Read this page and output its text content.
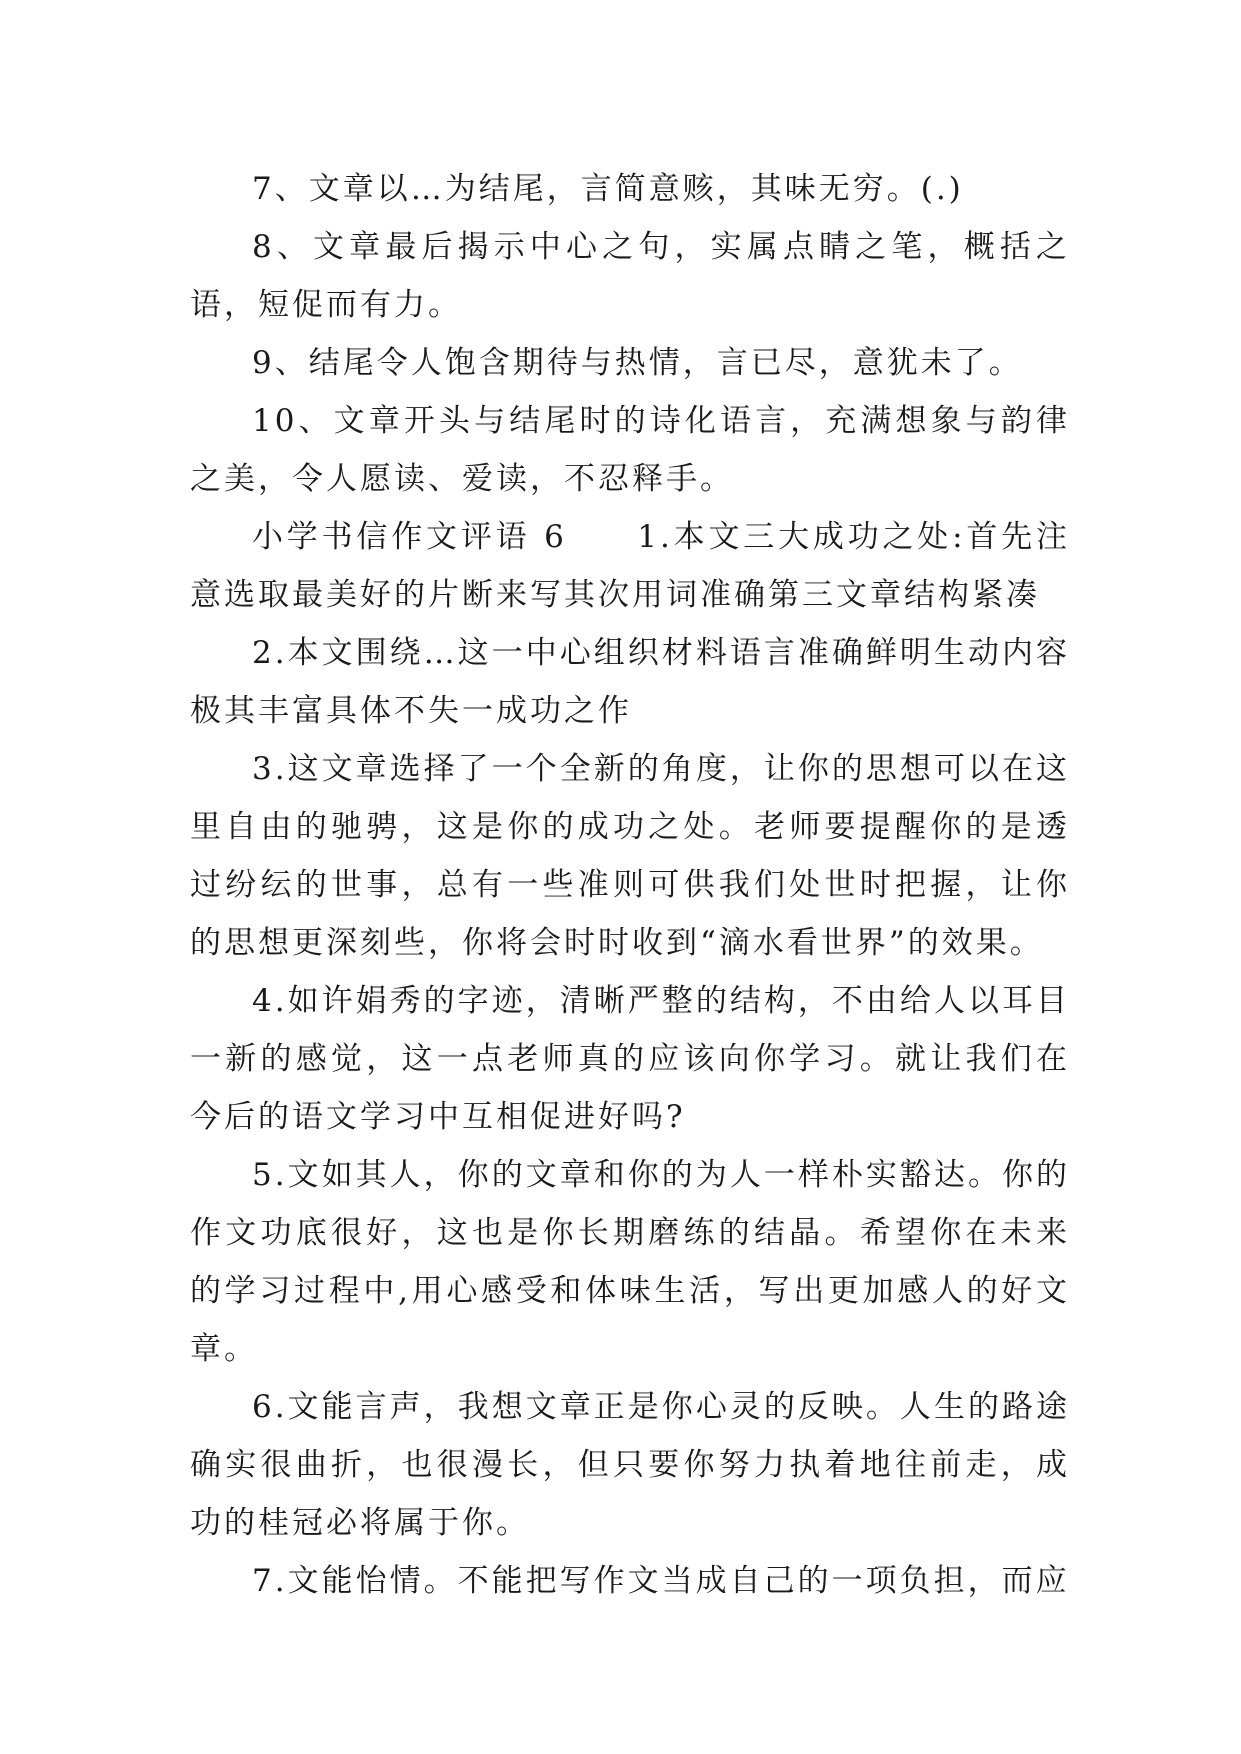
7、文章以…为结尾，言简意赅，其味无穷。(.)

8、文章最后揭示中心之句，实属点睛之笔，概括之语，短促而有力。

9、结尾令人饱含期待与热情，言已尽，意犹未了。

10、文章开头与结尾时的诗化语言，充满想象与韵律之美，令人愿读、爱读，不忍释手。

小学书信作文评语 6　　1.本文三大成功之处:首先注意选取最美好的片断来写其次用词准确第三文章结构紧凑

2.本文围绕…这一中心组织材料语言准确鲜明生动内容极其丰富具体不失一成功之作

3.这文章选择了一个全新的角度，让你的思想可以在这里自由的驰骋，这是你的成功之处。老师要提醒你的是透过纷纭的世事，总有一些准则可供我们处世时把握，让你的思想更深刻些，你将会时时收到“滴水看世界”的效果。

4.如许娟秀的字迹，清晰严整的结构，不由给人以耳目一新的感觉，这一点老师真的应该向你学习。就让我们在今后的语文学习中互相促进好吗?

5.文如其人，你的文章和你的为人一样朴实豁达。你的作文功底很好，这也是你长期磨练的结晶。希望你在未来的学习过程中,用心感受和体味生活，写出更加感人的好文章。

6.文能言声，我想文章正是你心灵的反映。人生的路途确实很曲折，也很漫长，但只要你努力执着地往前走，成功的桂冠必将属于你。

7.文能怡情。不能把写作文当成自己的一项负担，而应
